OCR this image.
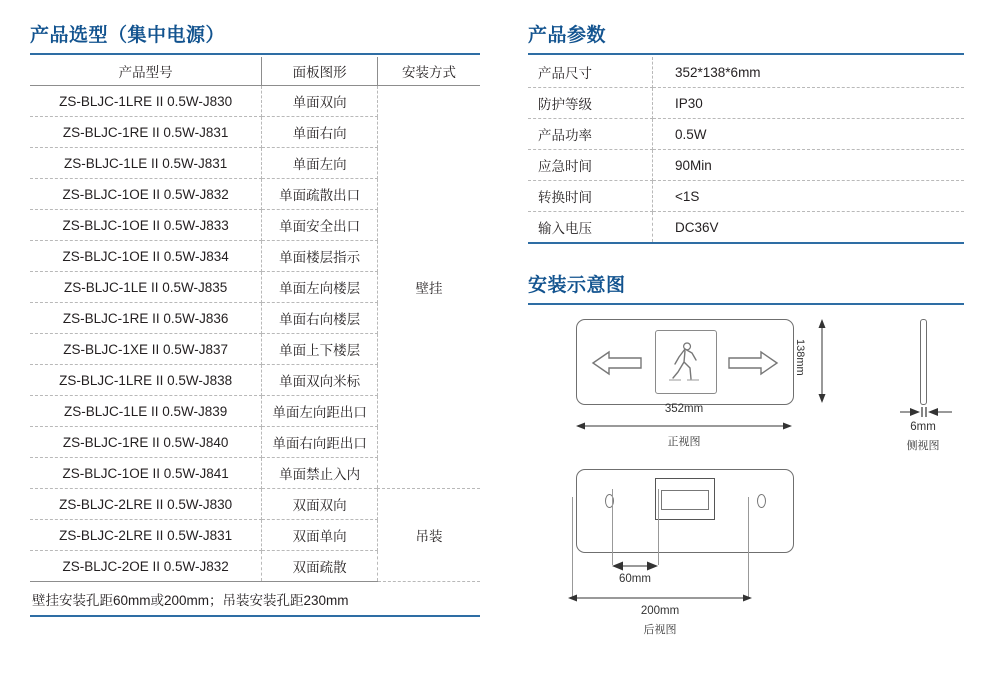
产品选型（集中电源）
产品型号	面板图形	安装方式
ZS-BLJC-1LRE II 0.5W-J830	单面双向	壁挂
ZS-BLJC-1RE II 0.5W-J831	单面右向	
ZS-BLJC-1LE II 0.5W-J831	单面左向	
ZS-BLJC-1OE II 0.5W-J832	单面疏散出口	
ZS-BLJC-1OE II 0.5W-J833	单面安全出口	
ZS-BLJC-1OE II 0.5W-J834	单面楼层指示	
ZS-BLJC-1LE II 0.5W-J835	单面左向楼层	
ZS-BLJC-1RE II 0.5W-J836	单面右向楼层	
ZS-BLJC-1XE II 0.5W-J837	单面上下楼层	
ZS-BLJC-1LRE II 0.5W-J838	单面双向米标	
ZS-BLJC-1LE II 0.5W-J839	单面左向距出口	
ZS-BLJC-1RE II 0.5W-J840	单面右向距出口	
ZS-BLJC-1OE II 0.5W-J841	单面禁止入内	
ZS-BLJC-2LRE II 0.5W-J830	双面双向	吊装
ZS-BLJC-2LRE II 0.5W-J831	双面单向	
ZS-BLJC-2OE II 0.5W-J832	双面疏散	
壁挂安装孔距60mm或200mm；吊装安装孔距230mm
产品参数
产品尺寸	352*138*6mm
防护等级	IP30
产品功率	0.5W
应急时间	90Min
转换时间	<1S
输入电压	DC36V
安装示意图
352mm
正视图
138mm
6mm
侧视图
60mm
200mm
后视图
